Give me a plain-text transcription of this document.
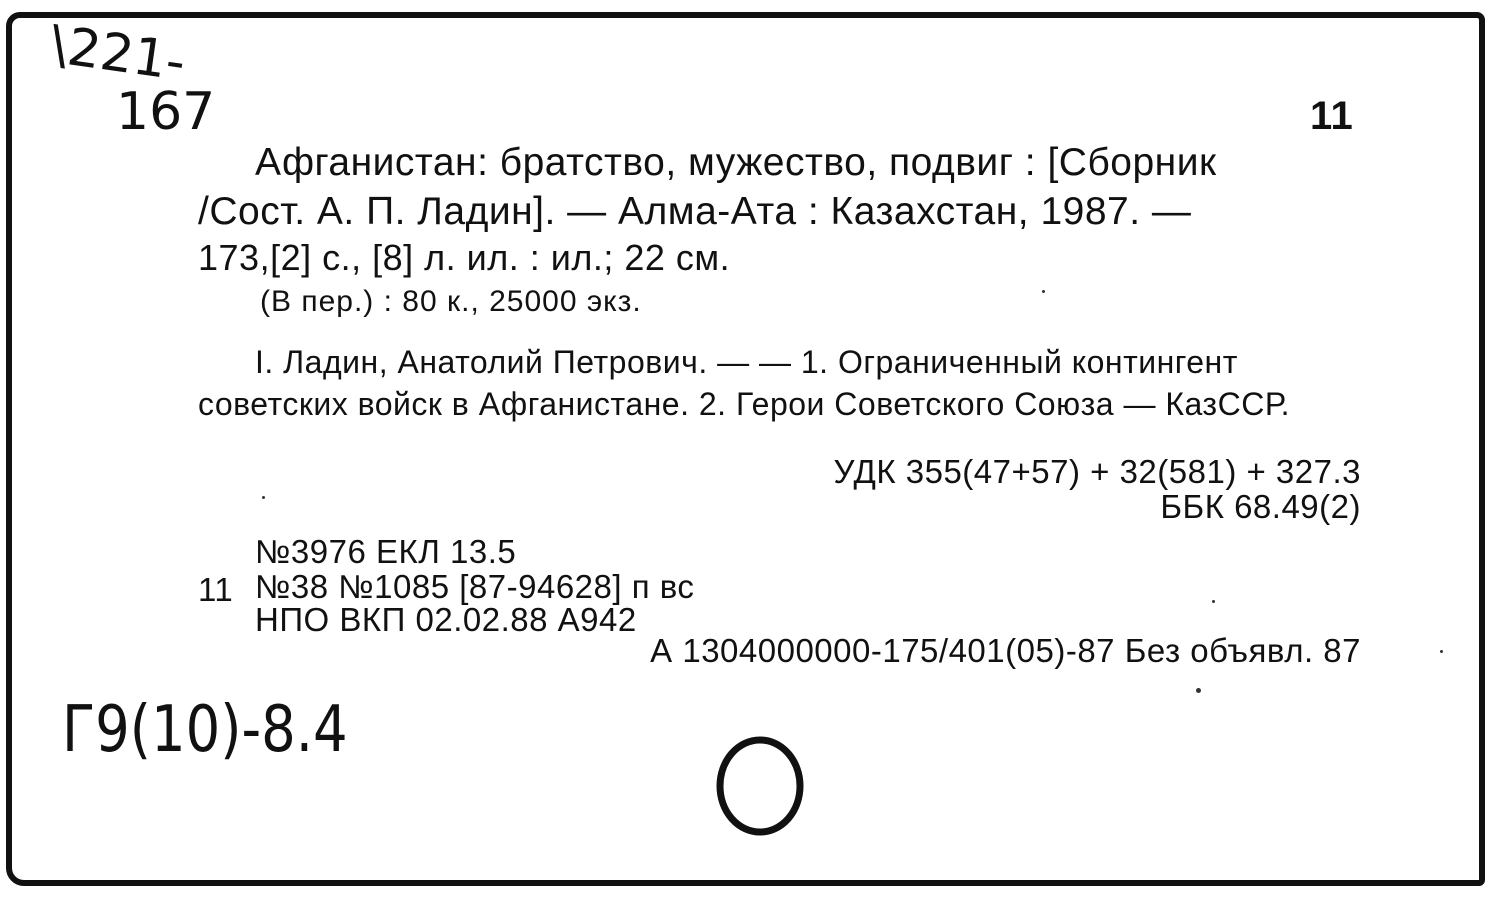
\221-
167	11
Афганистан: братство, мужество, подвиг : [Сборник
/Сост. А. П. Ладин]. — Алма-Ата : Казахстан, 1987. —
173,[2] с., [8] л. ил. : ил.; 22 см.
(В пер.) : 80 к., 25000 экз.
I. Ладин, Анатолий Петрович. — — 1. Ограниченный контингент
советских войск в Афганистане. 2. Герои Советского Союза — КазССР.
УДК 355(47+57) + 32(581) + 327.3
ББК 68.49(2)
№3976 ЕКЛ 13.5
11 №38 №1085 [87-94628] п вс
НПО ВКП 02.02.88 А942
А 1304000000-175/401(05)-87 Без объявл. 87
Г9(10)-8.4
